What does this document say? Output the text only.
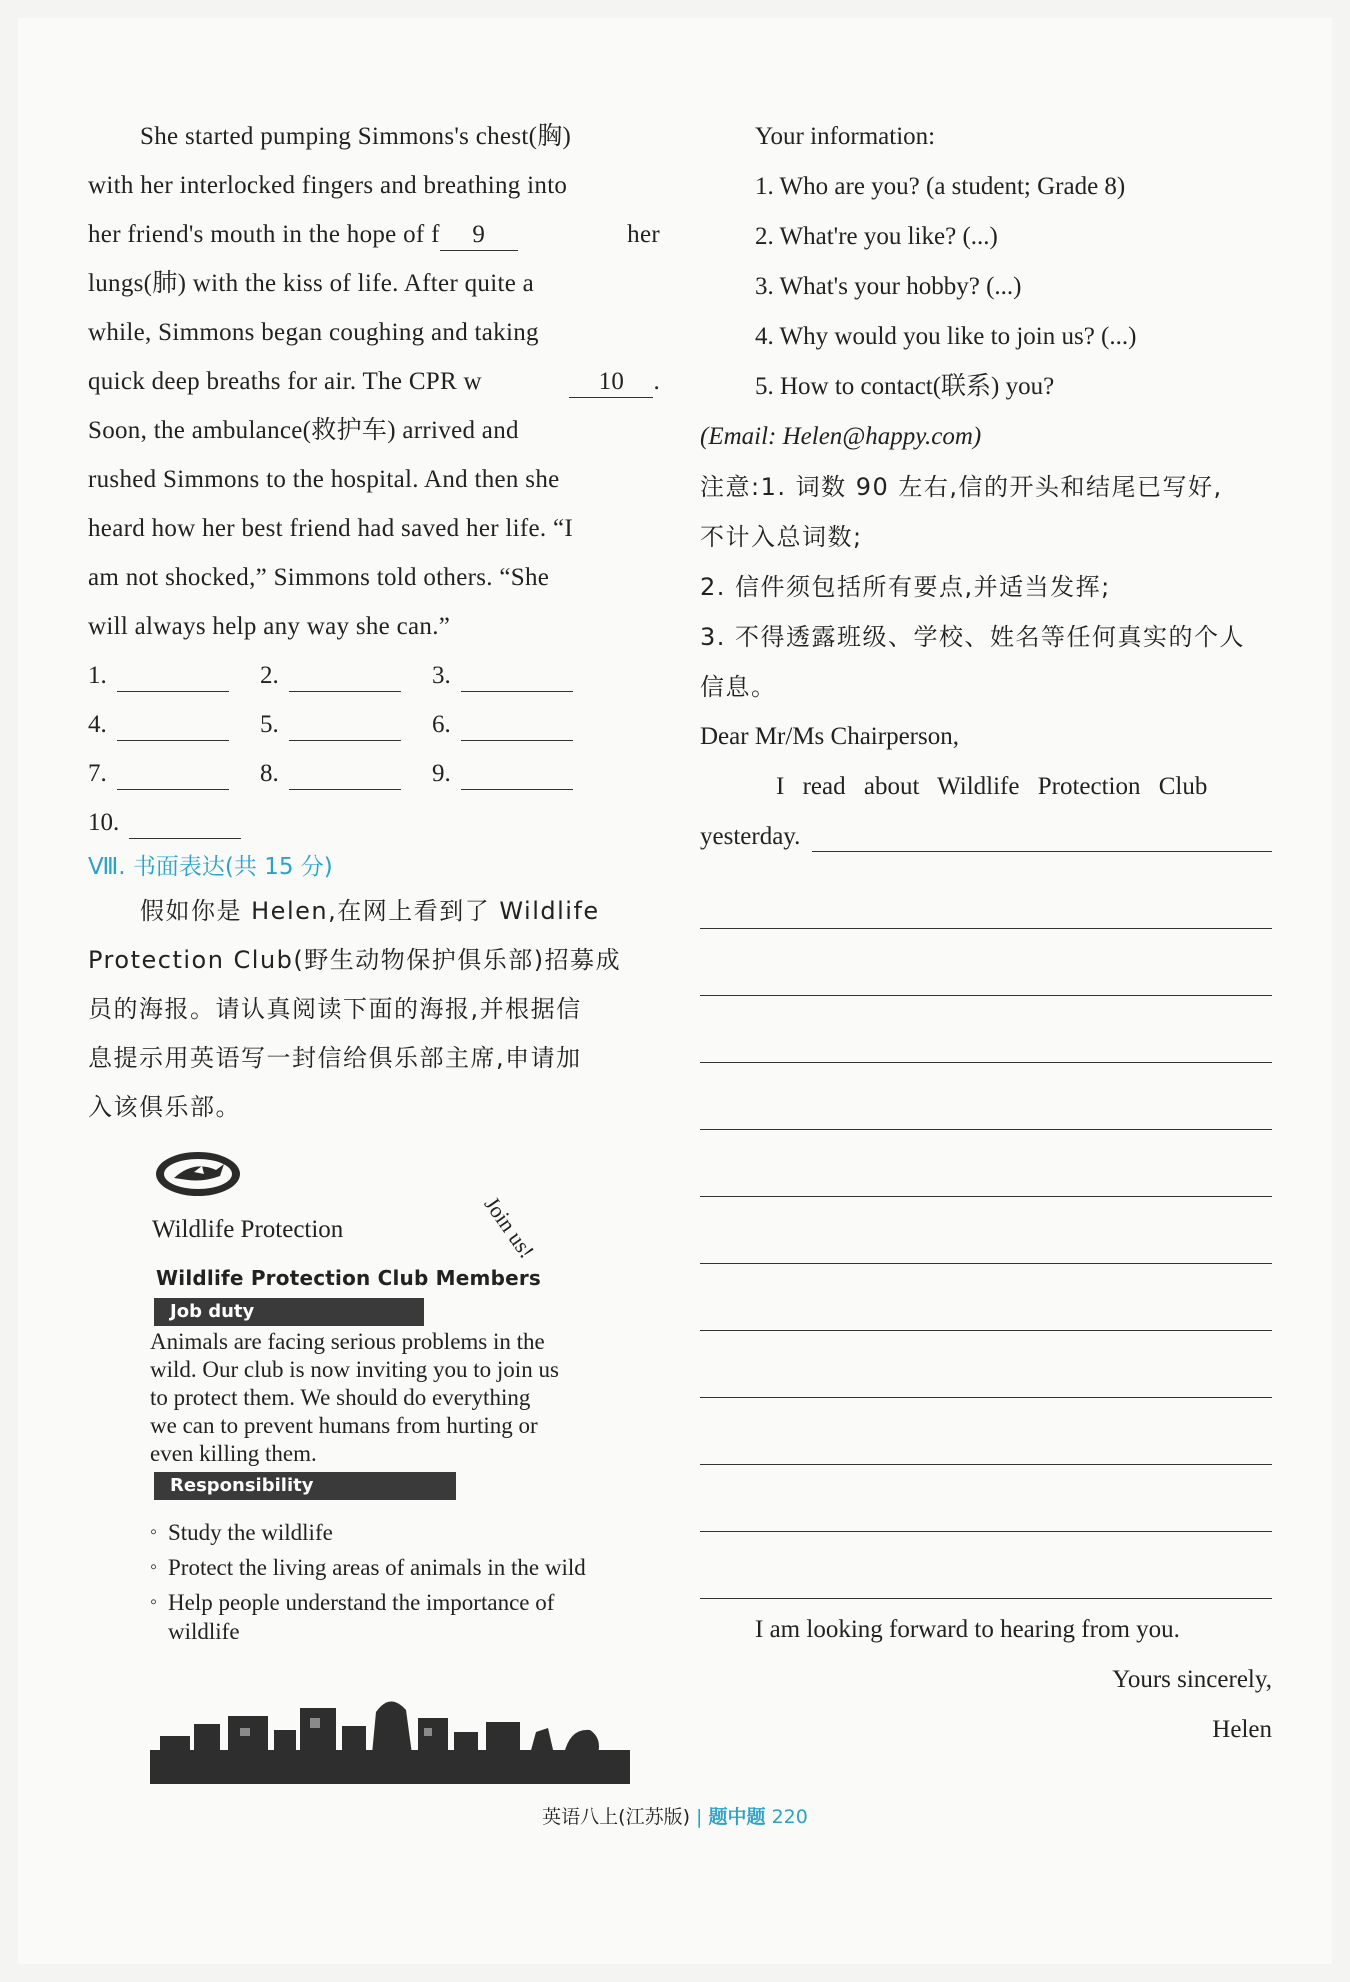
She started pumping Simmons's chest(胸)
with her interlocked fingers and breathing into
her friend's mouth in the hope of f 9	her
lungs(肺) with the kiss of life. After quite a
while, Simmons began coughing and taking
quick deep breaths for air. The CPR w	10 .
Soon, the ambulance(救护车) arrived and
rushed Simmons to the hospital. And then she
heard how her best friend had saved her life. “I
am not shocked,” Simmons told others. “She
will always help any way she can.”
1.	2.	3.
4.	5.	6.
7.	8.	9.
10.
Ⅷ. 书面表达(共 15 分)
假如你是 Helen,在网上看到了 Wildlife
Protection Club(野生动物保护俱乐部)招募成
员的海报。请认真阅读下面的海报,并根据信
息提示用英语写一封信给俱乐部主席,申请加
入该俱乐部。
Wildlife Protection	Join us!
Wildlife Protection Club Members
Job duty
Animals are facing serious problems in the
wild. Our club is now inviting you to join us
to protect them. We should do everything
we can to prevent humans from hurting or
even killing them.
Responsibility
◦ Study the wildlife
◦ Protect the living areas of animals in the wild
◦ Help people understand the importance of wildlife
Your information:
1. Who are you? (a student; Grade 8)
2. What're you like? (...)
3. What's your hobby? (...)
4. Why would you like to join us? (...)
5. How to contact(联系) you?
(Email: Helen@happy.com)
注意:1. 词数 90 左右,信的开头和结尾已写好,
不计入总词数;
2. 信件须包括所有要点,并适当发挥;
3. 不得透露班级、学校、姓名等任何真实的个人
信息。
Dear Mr/Ms Chairperson,
I read about Wildlife Protection Club
yesterday.
I am looking forward to hearing from you.
Yours sincerely,
Helen
英语八上(江苏版) | 题中题 220
